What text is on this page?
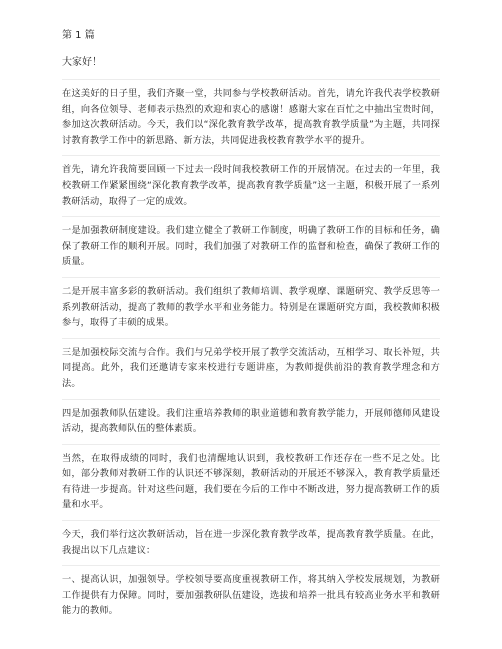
第 1 篇
大家好！

在这美好的日子里，我们齐聚一堂，共同参与学校教研活动。首先，请允许我代表学校教研组，向各位领导、老师表示热烈的欢迎和衷心的感谢！感谢大家在百忙之中抽出宝贵时间，参加这次教研活动。今天，我们以“深化教育教学改革，提高教育教学质量”为主题，共同探讨教育教学工作中的新思路、新方法，共同促进我校教育教学水平的提升。

首先，请允许我简要回顾一下过去一段时间我校教研工作的开展情况。在过去的一年里，我校教研工作紧紧围绕“深化教育教学改革，提高教育教学质量”这一主题，积极开展了一系列教研活动，取得了一定的成效。

一是加强教研制度建设。我们建立健全了教研工作制度，明确了教研工作的目标和任务，确保了教研工作的顺利开展。同时，我们加强了对教研工作的监督和检查，确保了教研工作的质量。

二是开展丰富多彩的教研活动。我们组织了教师培训、教学观摩、课题研究、教学反思等一系列教研活动，提高了教师的教学水平和业务能力。特别是在课题研究方面，我校教师积极参与，取得了丰硕的成果。

三是加强校际交流与合作。我们与兄弟学校开展了教学交流活动，互相学习、取长补短，共同提高。此外，我们还邀请专家来校进行专题讲座，为教师提供前沿的教育教学理念和方法。

四是加强教师队伍建设。我们注重培养教师的职业道德和教育教学能力，开展师德师风建设活动，提高教师队伍的整体素质。

当然，在取得成绩的同时，我们也清醒地认识到，我校教研工作还存在一些不足之处。比如，部分教师对教研工作的认识还不够深刻，教研活动的开展还不够深入，教育教学质量还有待进一步提高。针对这些问题，我们要在今后的工作中不断改进，努力提高教研工作的质量和水平。

今天，我们举行这次教研活动，旨在进一步深化教育教学改革，提高教育教学质量。在此，我提出以下几点建议：

一、提高认识，加强领导。学校领导要高度重视教研工作，将其纳入学校发展规划，为教研工作提供有力保障。同时，要加强教研队伍建设，选拔和培养一批具有较高业务水平和教研能力的教师。
